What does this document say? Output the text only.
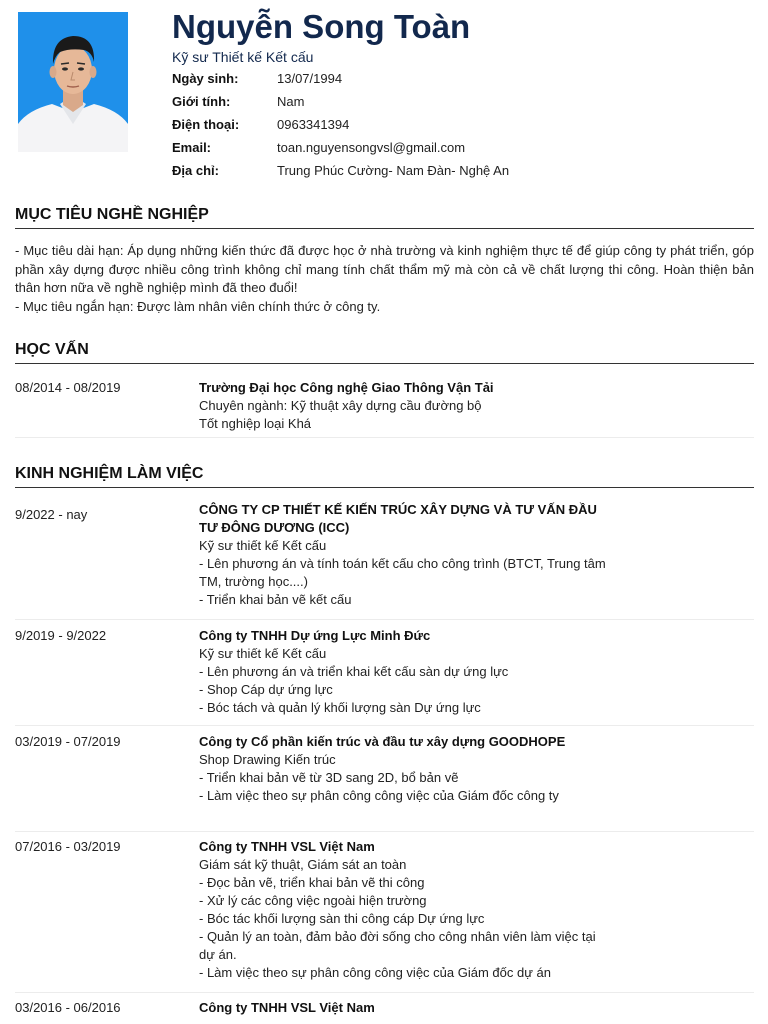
Nguyễn Song Toàn
Kỹ sư Thiết kế Kết cấu
Ngày sinh:	13/07/1994
Giới tính:	Nam
Điện thoại:	0963341394
Email:	toan.nguyensongvsl@gmail.com
Địa chỉ:	Trung Phúc Cường- Nam Đàn- Nghệ An
MỤC TIÊU NGHỀ NGHIỆP

- Mục tiêu dài hạn: Áp dụng những kiến thức đã được học ở nhà trường và kinh nghiệm thực tế để giúp công ty phát triển, góp phần xây dựng được nhiều công trình không chỉ mang tính chất thẩm mỹ mà còn cả về chất lượng thi công. Hoàn thiện bản thân hơn nữa về nghề nghiệp mình đã theo đuổi!

- Mục tiêu ngắn hạn: Được làm nhân viên chính thức ở công ty.

HỌC VẤN
08/2014 - 08/2019	Trường Đại học Công nghệ Giao Thông Vận Tải
Chuyên ngành: Kỹ thuật xây dựng cầu đường bộ
Tốt nghiệp loại Khá
KINH NGHIỆM LÀM VIỆC
9/2022 - nay	CÔNG TY CP THIẾT KẾ KIẾN TRÚC XÂY DỰNG VÀ TƯ VẤN ĐẦU TƯ ĐÔNG DƯƠNG (ICC)
Kỹ sư thiết kế Kết cấu
- Lên phương án và tính toán kết cấu cho công trình (BTCT, Trung tâm TM, trường học....)
- Triển khai bản vẽ kết cấu
9/2019 - 9/2022	Công ty TNHH Dự ứng Lực Minh Đức
Kỹ sư thiết kế Kết cấu
- Lên phương án và triển khai kết cấu sàn dự ứng lực
- Shop Cáp dự ứng lực
- Bóc tách và quản lý khối lượng sàn Dự ứng lực
03/2019 - 07/2019	Công ty Cổ phần kiến trúc và đầu tư xây dựng GOODHOPE
Shop Drawing Kiến trúc
- Triển khai bản vẽ từ 3D sang 2D, bổ bản vẽ
- Làm việc theo sự phân công công việc của Giám đốc công ty
07/2016 - 03/2019	Công ty TNHH VSL Việt Nam
Giám sát kỹ thuật, Giám sát an toàn
- Đọc bản vẽ, triển khai bản vẽ thi công
- Xử lý các công việc ngoài hiện trường
- Bóc tác khối lượng sàn thi công cáp Dự ứng lực
- Quản lý an toàn, đảm bảo đời sống cho công nhân viên làm việc tại dự án.
- Làm việc theo sự phân công công việc của Giám đốc dự án
03/2016 - 06/2016	Công ty TNHH VSL Việt Nam
